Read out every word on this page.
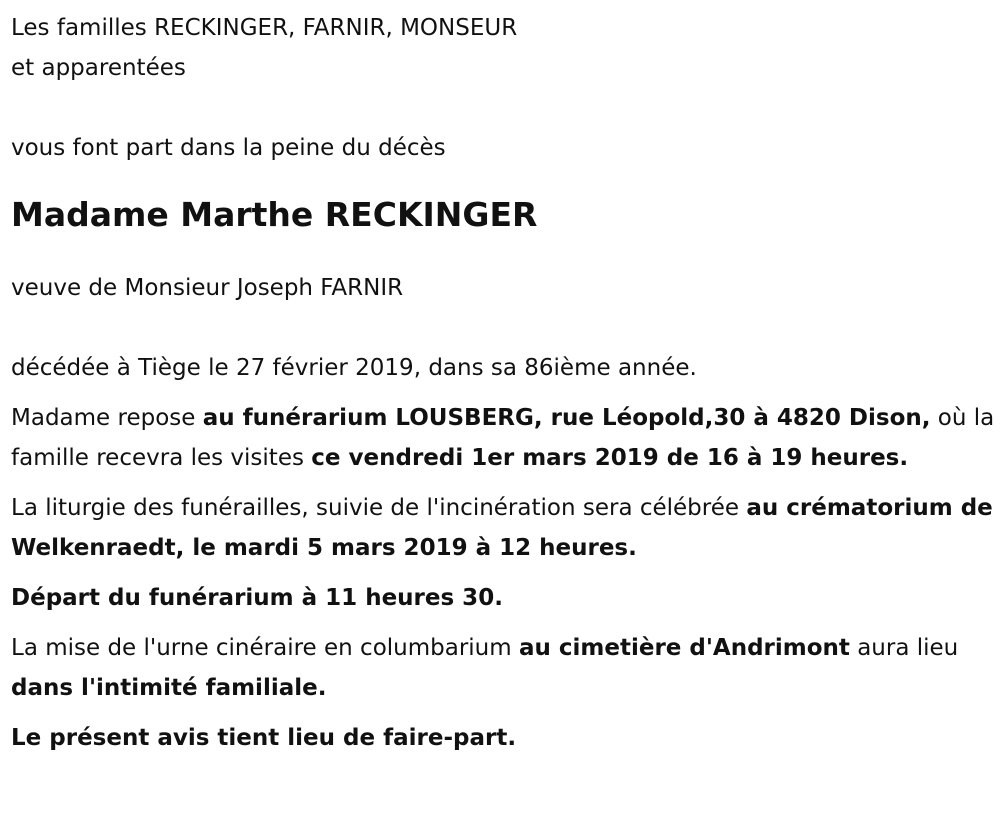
Les familles RECKINGER, FARNIR, MONSEUR

et apparentées

vous font part dans la peine du décès

Madame Marthe RECKINGER

veuve de Monsieur Joseph FARNIR

décédée à Tiège le 27 février 2019, dans sa 86ième année.

Madame repose au funérarium LOUSBERG, rue Léopold,30 à 4820 Dison, où la famille recevra les visites ce vendredi 1er mars 2019 de 16 à 19 heures.

La liturgie des funérailles, suivie de l'incinération sera célébrée au crématorium de Welkenraedt, le mardi 5 mars 2019 à 12 heures.

Départ du funérarium à 11 heures 30.

La mise de l'urne cinéraire en columbarium au cimetière d'Andrimont aura lieu dans l'intimité familiale.

Le présent avis tient lieu de faire-part.
